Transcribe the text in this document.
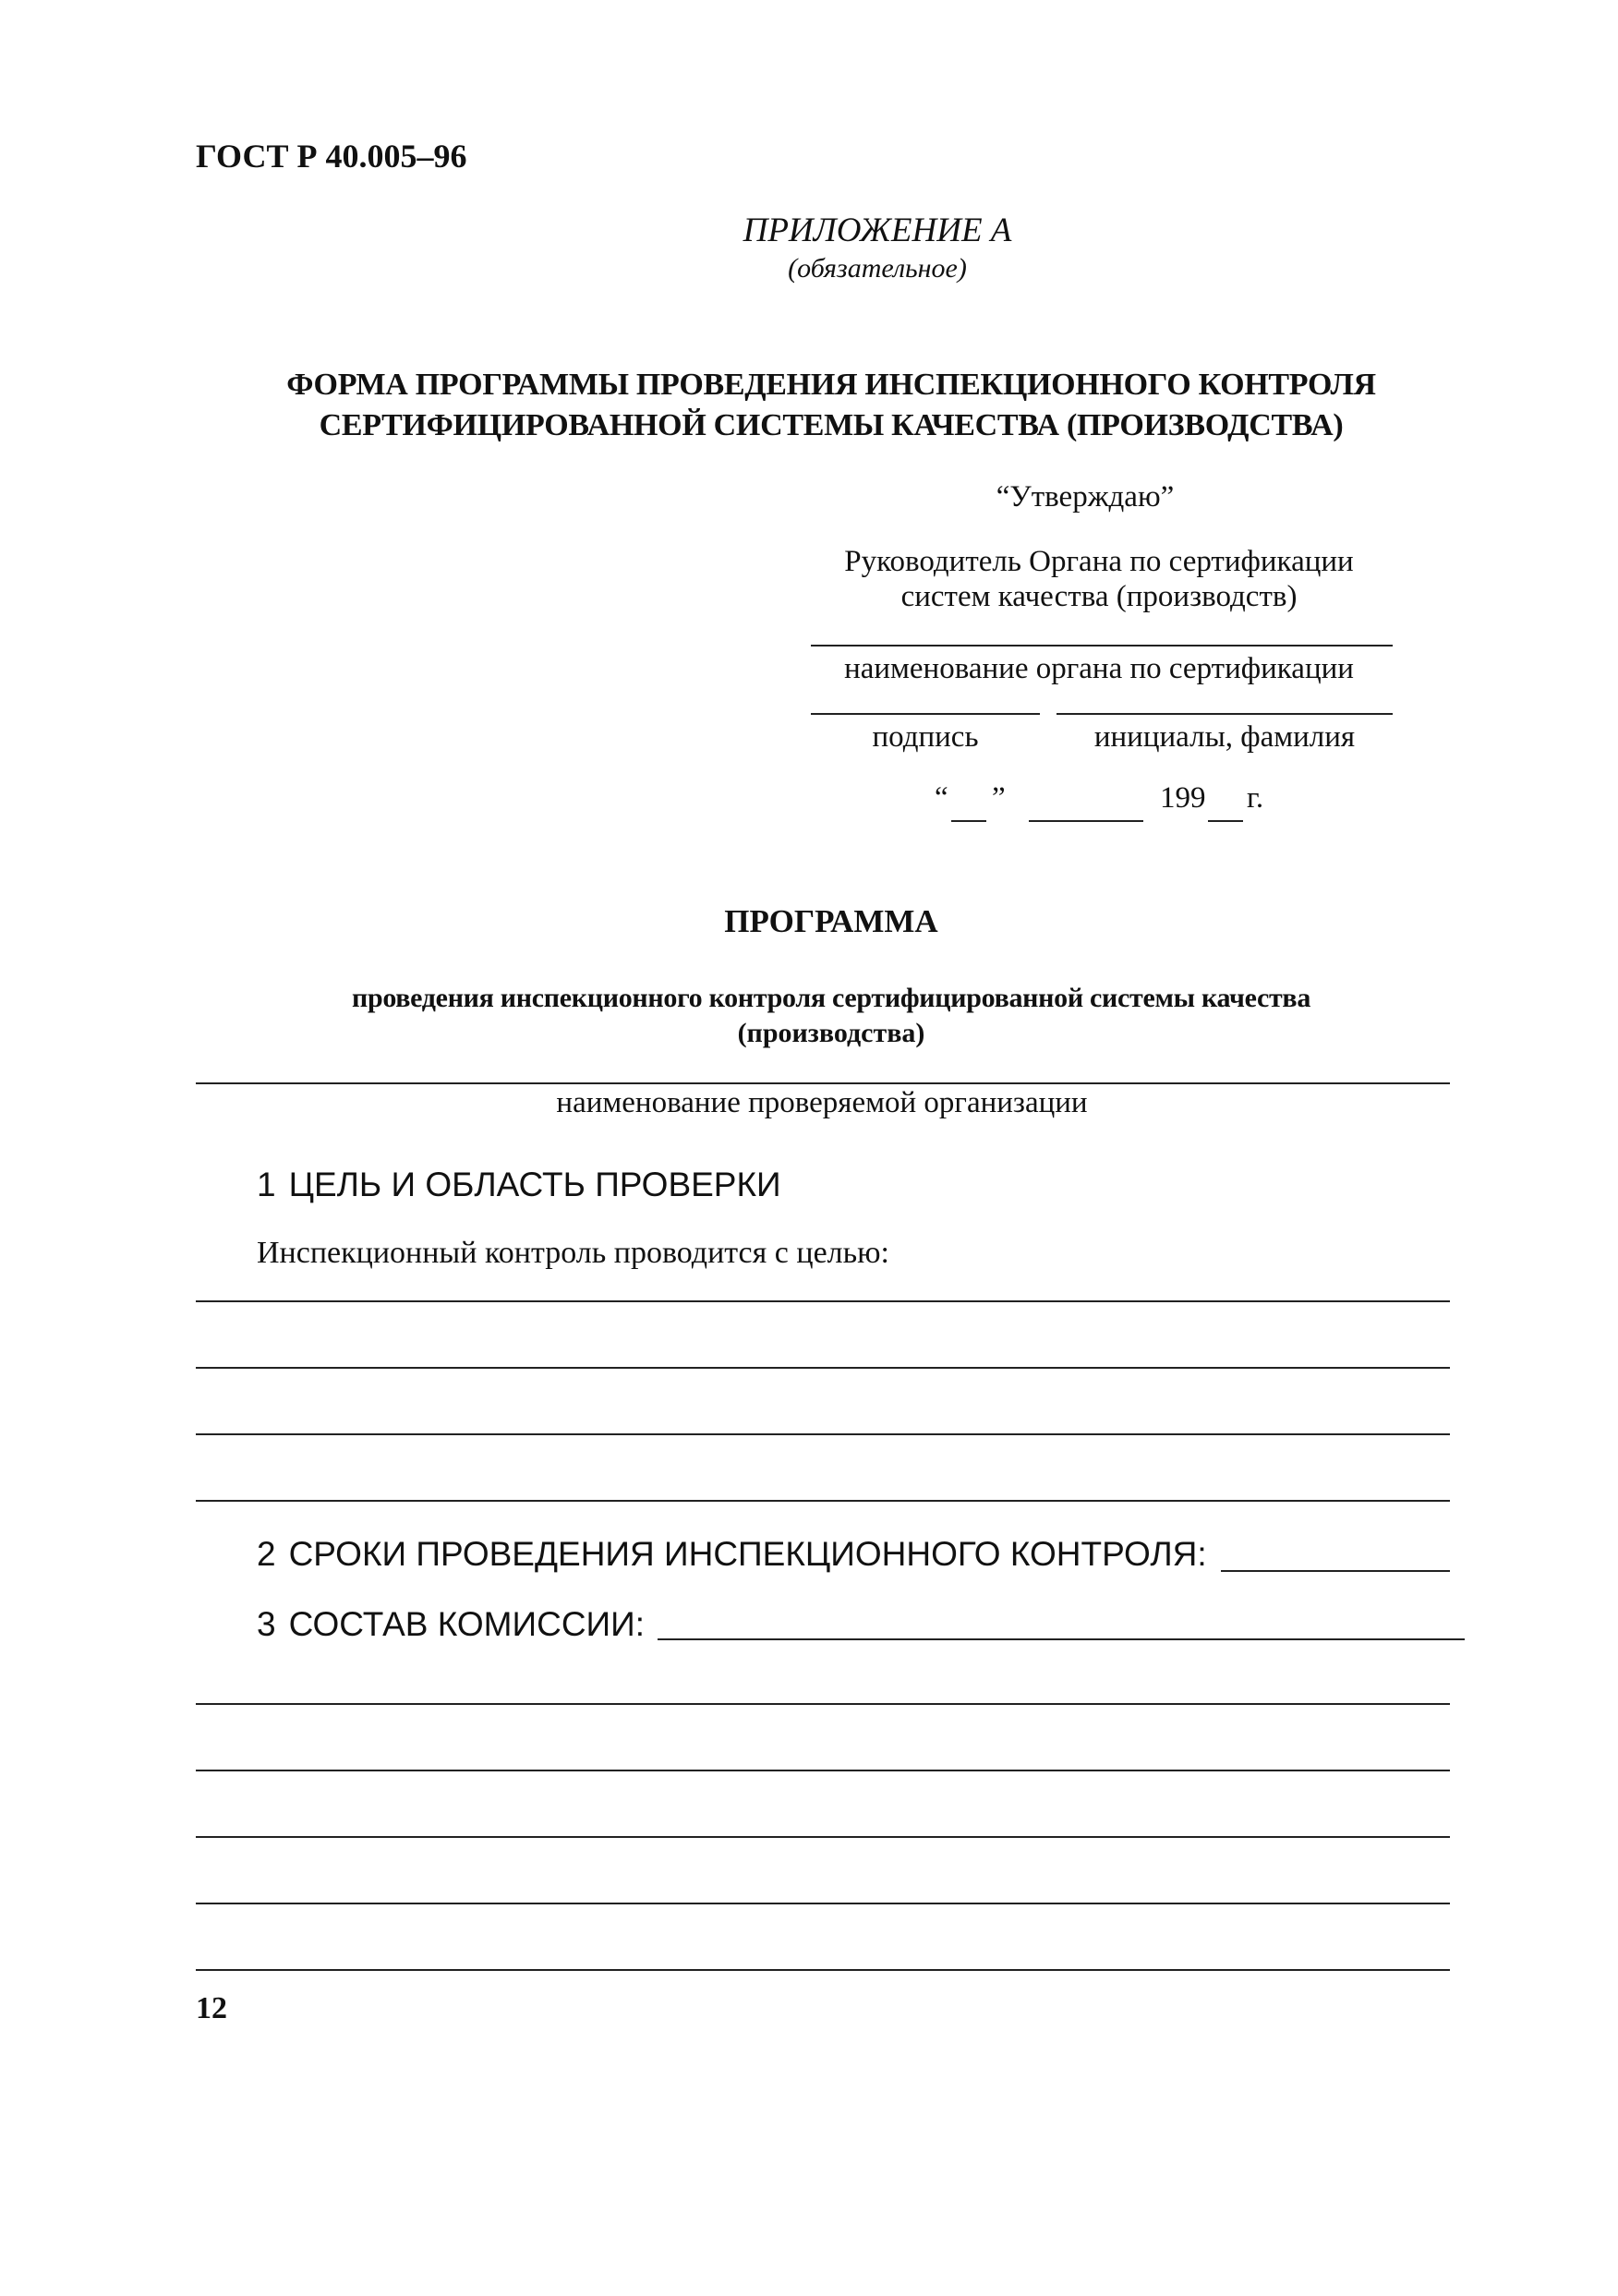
ГОСТ Р 40.005–96
ПРИЛОЖЕНИЕ А
(обязательное)
ФОРМА ПРОГРАММЫ ПРОВЕДЕНИЯ ИНСПЕКЦИОННОГО КОНТРОЛЯ
СЕРТИФИЦИРОВАННОЙ СИСТЕМЫ КАЧЕСТВА (ПРОИЗВОДСТВА)
“Утверждаю”
Руководитель Органа по сертификации
систем качества (производств)
наименование органа по сертификации
подпись	инициалы, фамилия
“ ”	199 г.
ПРОГРАММА
проведения инспекционного контроля сертифицированной системы качества
(производства)
наименование проверяемой организации
1 ЦЕЛЬ И ОБЛАСТЬ ПРОВЕРКИ
Инспекционный контроль проводится с целью:
2 СРОКИ ПРОВЕДЕНИЯ ИНСПЕКЦИОННОГО КОНТРОЛЯ:
3 СОСТАВ КОМИССИИ:
12
